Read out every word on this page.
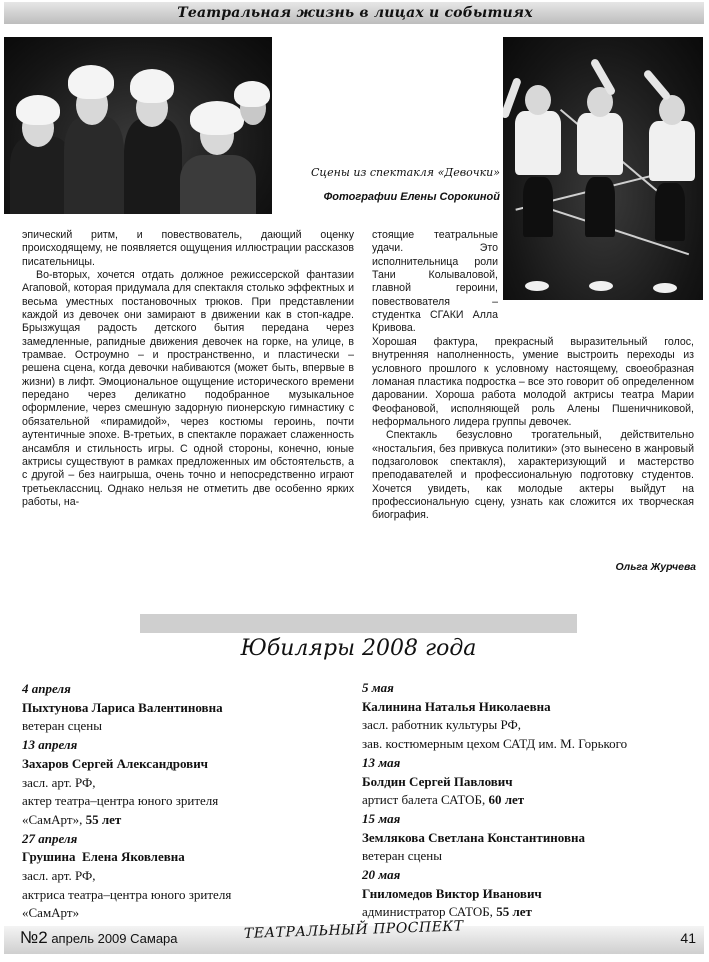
Театральная жизнь в лицах и событиях
Сцены из спектакля «Девочки»
Фотографии Елены Сорокиной

эпический ритм, и повествователь, дающий оценку происходящему, не появляется ощущения иллюстрации рассказов писательницы.

Во-вторых, хочется отдать должное режиссерской фантазии Агаповой, которая придумала для спектакля столько эффектных и весьма уместных постановочных трюков. При представлении каждой из девочек они замирают в движении как в стоп-кадре. Брызжущая радость детского бытия передана через замедленные, рапидные движения девочек на горке, на улице, в трамвае. Остроумно – и пространственно, и пластически – решена сцена, когда девочки набиваются (может быть, впервые в жизни) в лифт. Эмоциональное ощущение исторического времени передано через деликатно подобранное музыкальное оформление, через смешную задорную пионерскую гимнастику с обязательной «пирамидой», через костюмы героинь, почти аутентичные эпохе. В-третьих, в спектакле поражает слаженность ансамбля и стильность игры. С одной стороны, конечно, юные актрисы существуют в рамках предложенных им обстоятельств, а с другой – без наигрыша, очень точно и непосредственно играют третьеклассниц. Однако нельзя не отметить две особенно ярких работы, на-

стоящие театральные удачи. Это исполнительница роли Тани Колываловой, главной героини, повествователя – студентка СГАКИ Алла Кривова.

Хорошая фактура, прекрасный выразительный голос, внутренняя наполненность, умение выстроить переходы из условного прошлого к условному настоящему, своеобразная ломаная пластика подростка – все это говорит об определенном даровании. Хороша работа молодой актрисы театра Марии Феофановой, исполняющей роль Алены Пшеничниковой, неформального лидера группы девочек.

Спектакль безусловно трогательный, действительно «ностальгия, без привкуса политики» (это вынесено в жанровый подзаголовок спектакля), характеризующий и мастерство преподавателей и профессиональную подготовку студентов. Хочется увидеть, как молодые актеры выйдут на профессиональную сцену, узнать как сложится их творческая биография.

Ольга Журчева
Юбиляры 2008 года
4 апреля
Пыхтунова Лариса Валентиновна
ветеран сцены
13 апреля
Захаров Сергей Александрович
засл. арт. РФ,
актер театра–центра юного зрителя
«СамАрт», 55 лет
27 апреля
Грушина  Елена Яковлевна
засл. арт. РФ,
актриса театра–центра юного зрителя
«СамАрт»
5 мая
Калинина Наталья Николаевна
засл. работник культуры РФ,
зав. костюмерным цехом САТД им. М. Горького
13 мая
Болдин Сергей Павлович
артист балета САТОБ, 60 лет
15 мая
Землякова Светлана Константиновна
ветеран сцены
20 мая
Гниломедов Виктор Иванович
администратор САТОБ, 55 лет
№2 апрель 2009 Самара	ТЕАТРАЛЬНЫЙ ПРОСПЕКТ	41
